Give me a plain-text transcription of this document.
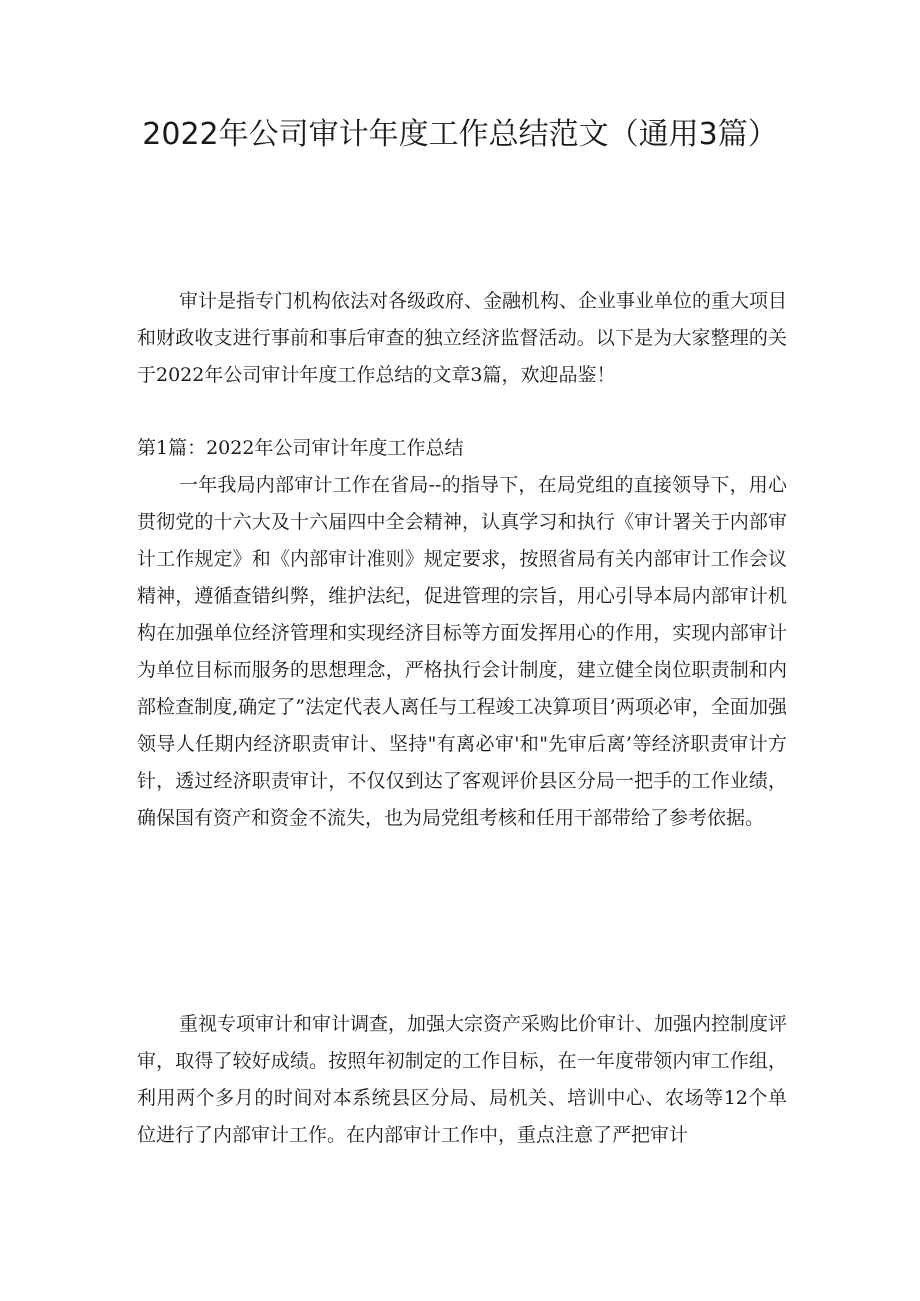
2022年公司审计年度工作总结范文（通用3篇）

审计是指专门机构依法对各级政府、金融机构、企业事业单位的重大项目和财政收支进行事前和事后审查的独立经济监督活动。以下是为大家整理的关于2022年公司审计年度工作总结的文章3篇，欢迎品鉴！

第1篇：2022年公司审计年度工作总结

一年我局内部审计工作在省局--的指导下，在局党组的直接领导下，用心贯彻党的十六大及十六届四中全会精神，认真学习和执行《审计署关于内部审计工作规定》和《内部审计准则》规定要求，按照省局有关内部审计工作会议精神，遵循查错纠弊，维护法纪，促进管理的宗旨，用心引导本局内部审计机构在加强单位经济管理和实现经济目标等方面发挥用心的作用，实现内部审计为单位目标而服务的思想理念，严格执行会计制度，建立健全岗位职责制和内部检查制度,确定了”法定代表人离任与工程竣工决算项目’两项必审，全面加强领导人任期内经济职责审计、坚持"有离必审'和"先审后离’等经济职责审计方针，透过经济职责审计，不仅仅到达了客观评价县区分局一把手的工作业绩，确保国有资产和资金不流失，也为局党组考核和任用干部带给了参考依据。

重视专项审计和审计调查，加强大宗资产采购比价审计、加强内控制度评审，取得了较好成绩。按照年初制定的工作目标，在一年度带领内审工作组，利用两个多月的时间对本系统县区分局、局机关、培训中心、农场等12个单位进行了内部审计工作。在内部审计工作中，重点注意了严把审计
